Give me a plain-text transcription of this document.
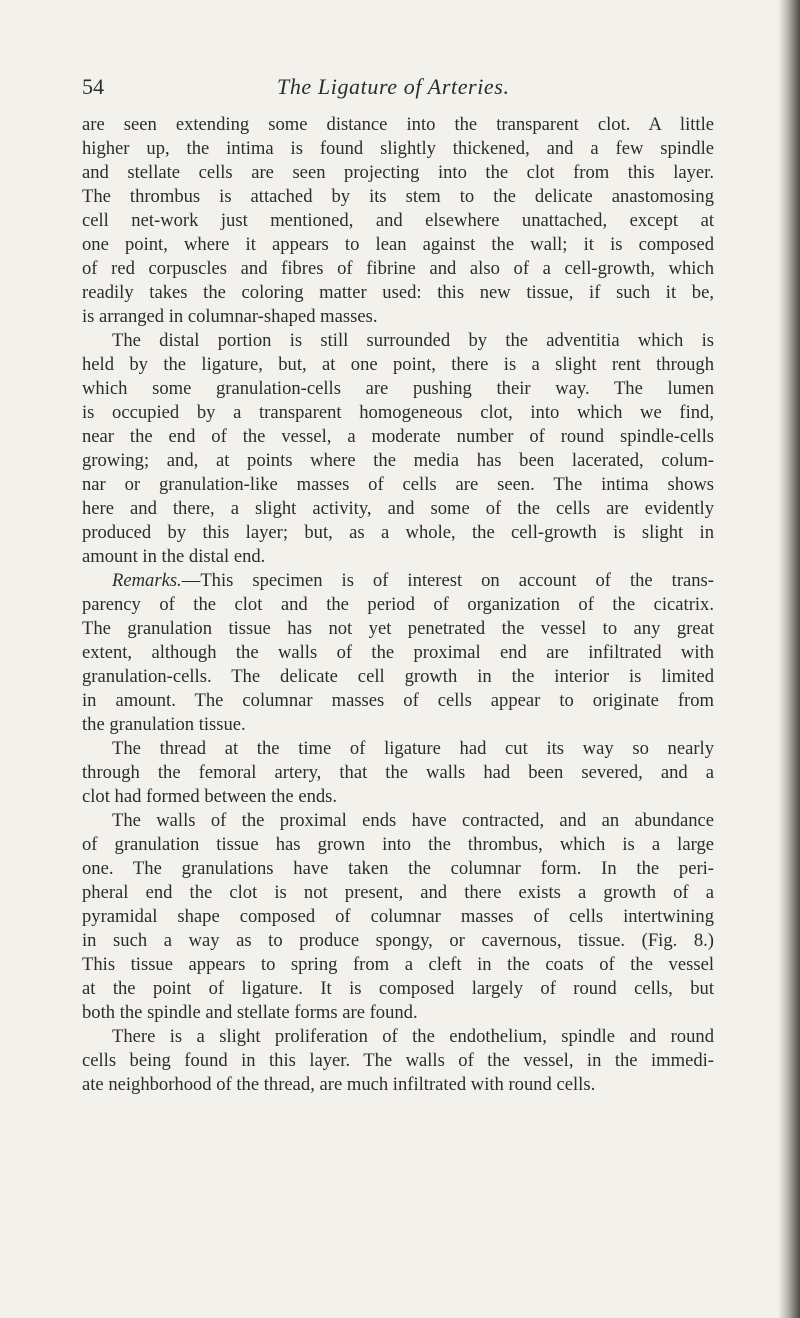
54	The Ligature of Arteries.
are seen extending some distance into the transparent clot. A little
higher up, the intima is found slightly thickened, and a few spindle
and stellate cells are seen projecting into the clot from this layer.
The thrombus is attached by its stem to the delicate anastomosing
cell net-work just mentioned, and elsewhere unattached, except at
one point, where it appears to lean against the wall; it is composed
of red corpuscles and fibres of fibrine and also of a cell-growth, which
readily takes the coloring matter used: this new tissue, if such it be,
is arranged in columnar-shaped masses.
The distal portion is still surrounded by the adventitia which is
held by the ligature, but, at one point, there is a slight rent through
which some granulation-cells are pushing their way. The lumen
is occupied by a transparent homogeneous clot, into which we find,
near the end of the vessel, a moderate number of round spindle-cells
growing; and, at points where the media has been lacerated, colum-
nar or granulation-like masses of cells are seen. The intima shows
here and there, a slight activity, and some of the cells are evidently
produced by this layer; but, as a whole, the cell-growth is slight in
amount in the distal end.
Remarks.—This specimen is of interest on account of the trans-
parency of the clot and the period of organization of the cicatrix.
The granulation tissue has not yet penetrated the vessel to any great
extent, although the walls of the proximal end are infiltrated with
granulation-cells. The delicate cell growth in the interior is limited
in amount. The columnar masses of cells appear to originate from
the granulation tissue.
The thread at the time of ligature had cut its way so nearly
through the femoral artery, that the walls had been severed, and a
clot had formed between the ends.
The walls of the proximal ends have contracted, and an abundance
of granulation tissue has grown into the thrombus, which is a large
one. The granulations have taken the columnar form. In the peri-
pheral end the clot is not present, and there exists a growth of a
pyramidal shape composed of columnar masses of cells intertwining
in such a way as to produce spongy, or cavernous, tissue. (Fig. 8.)
This tissue appears to spring from a cleft in the coats of the vessel
at the point of ligature. It is composed largely of round cells, but
both the spindle and stellate forms are found.
There is a slight proliferation of the endothelium, spindle and round
cells being found in this layer. The walls of the vessel, in the immedi-
ate neighborhood of the thread, are much infiltrated with round cells.
